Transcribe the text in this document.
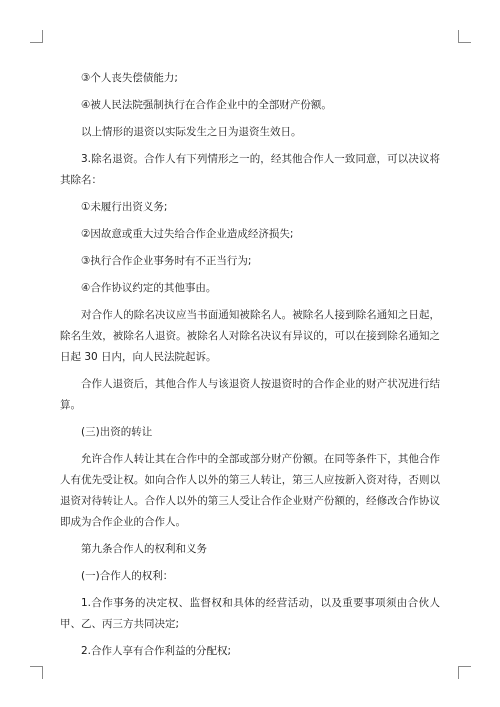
③个人丧失偿债能力;

④被人民法院强制执行在合作企业中的全部财产份额。

以上情形的退资以实际发生之日为退资生效日。

3.除名退资。合作人有下列情形之一的，经其他合作人一致同意，可以决议将其除名：

①未履行出资义务;

②因故意或重大过失给合作企业造成经济损失;

③执行合作企业事务时有不正当行为;

④合作协议约定的其他事由。

对合作人的除名决议应当书面通知被除名人。被除名人接到除名通知之日起，除名生效，被除名人退资。被除名人对除名决议有异议的，可以在接到除名通知之日起 30 日内，向人民法院起诉。

合作人退资后，其他合作人与该退资人按退资时的合作企业的财产状况进行结算。

(三)出资的转让

允许合作人转让其在合作中的全部或部分财产份额。在同等条件下，其他合作人有优先受让权。如向合作人以外的第三人转让，第三人应按新入资对待，否则以退资对待转让人。合作人以外的第三人受让合作企业财产份额的，经修改合作协议即成为合作企业的合作人。

第九条合作人的权利和义务

(一)合作人的权利：

1.合作事务的决定权、监督权和具体的经营活动，以及重要事项须由合伙人甲、乙、丙三方共同决定;

2.合作人享有合作利益的分配权;
